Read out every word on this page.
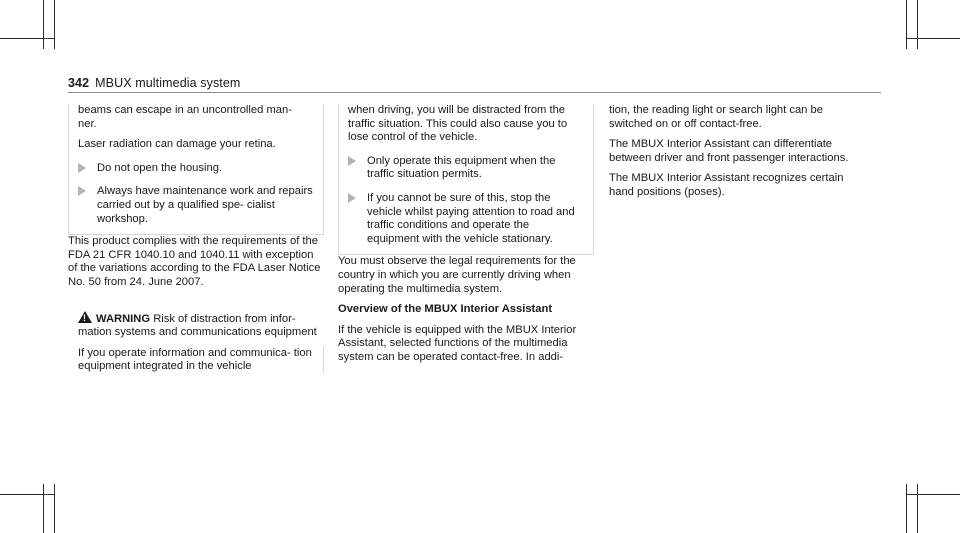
342 MBUX multimedia system

beams can escape in an uncontrolled man-

ner.

Laser radiation can damage your retina.

Do not open the housing.
Always have maintenance work and repairs carried out by a qualified spe- cialist workshop.

This product complies with the requirements of the FDA 21 CFR 1040.10 and 1040.11 with exception of the variations according to the FDA Laser Notice No. 50 from 24. June 2007.

!WARNING Risk of distraction from infor- mation systems and communications equipment

If you operate information and communica- tion equipment integrated in the vehicle

when driving, you will be distracted from the traffic situation. This could also cause you to lose control of the vehicle.

Only operate this equipment when the traffic situation permits.
If you cannot be sure of this, stop the vehicle whilst paying attention to road and traffic conditions and operate the equipment with the vehicle stationary.

You must observe the legal requirements for the country in which you are currently driving when operating the multimedia system.

Overview of the MBUX Interior Assistant

If the vehicle is equipped with the MBUX Interior Assistant, selected functions of the multimedia system can be operated contact-free. In addi-

tion, the reading light or search light can be switched on or off contact-free.

The MBUX Interior Assistant can differentiate between driver and front passenger interactions.

The MBUX Interior Assistant recognizes certain hand positions (poses).
